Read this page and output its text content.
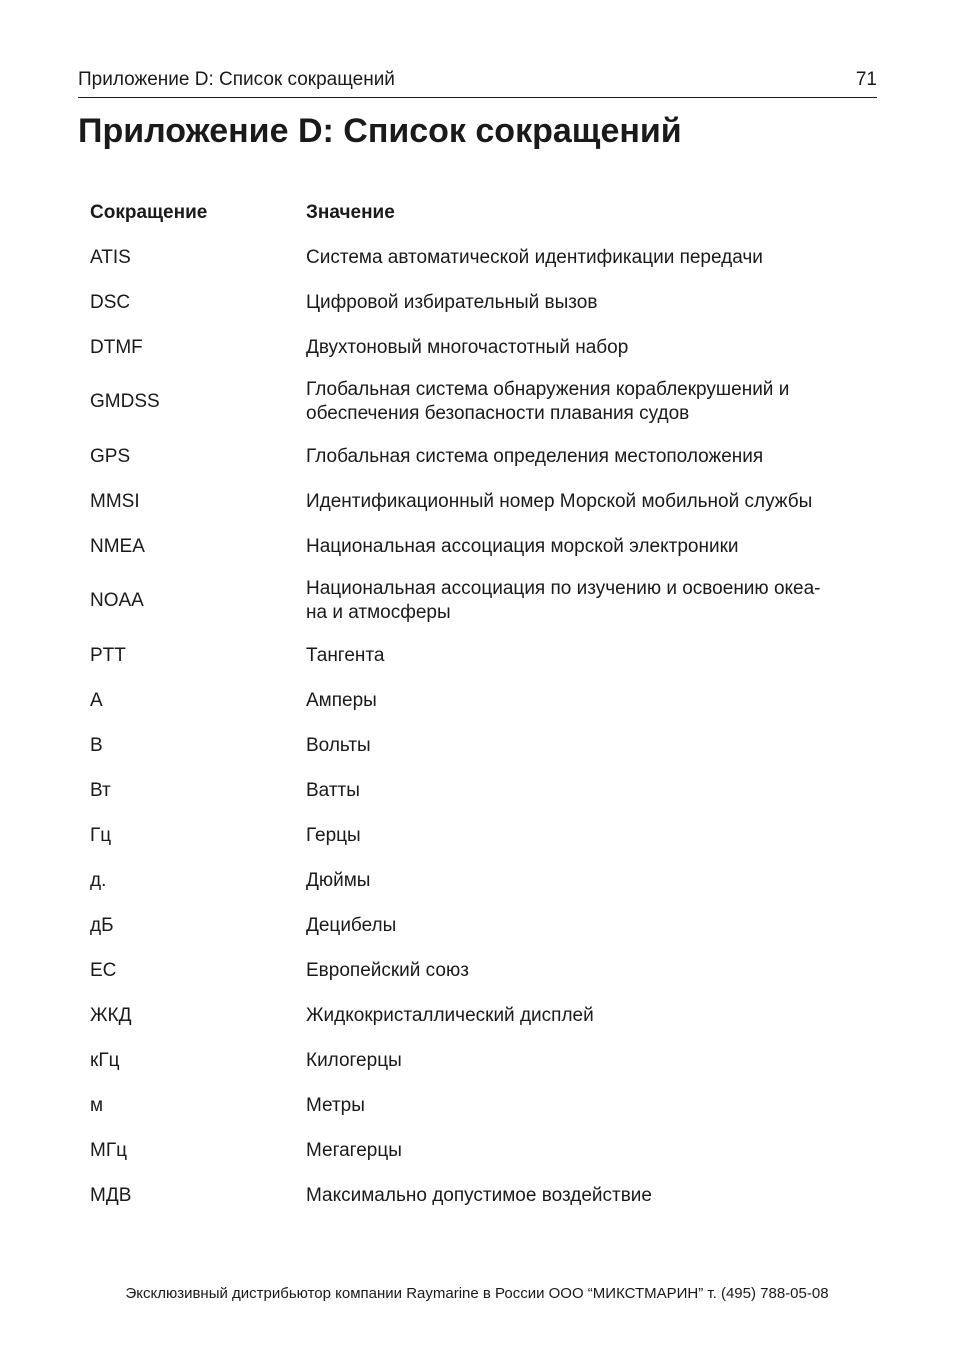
Приложение D: Список сокращений	71
Приложение D: Список сокращений
Сокращение	Значение
ATIS	Система автоматической идентификации передачи
DSC	Цифровой избирательный вызов
DTMF	Двухтоновый многочастотный набор
GMDSS	Глобальная система обнаружения кораблекрушений и
обеспечения безопасности плавания судов

GPS	Глобальная система определения местоположения
MMSI	Идентификационный номер Морской мобильной службы
NMEA	Национальная ассоциация морской электроники
NOAA	Национальная ассоциация по изучению и освоению океа-
на и атмосферы

PTT	Тангента
A	Амперы
B	Вольты
Вт	Ватты
Гц	Герцы
д.	Дюймы
дБ	Децибелы
ЕС	Европейский союз
ЖКД	Жидкокристаллический дисплей
кГц	Килогерцы
м	Метры
МГц	Мегагерцы
МДВ	Максимально допустимое воздействие
Эксклюзивный дистрибьютор компании Raymarine в России ООО “МИКСТМАРИН” т. (495) 788-05-08
